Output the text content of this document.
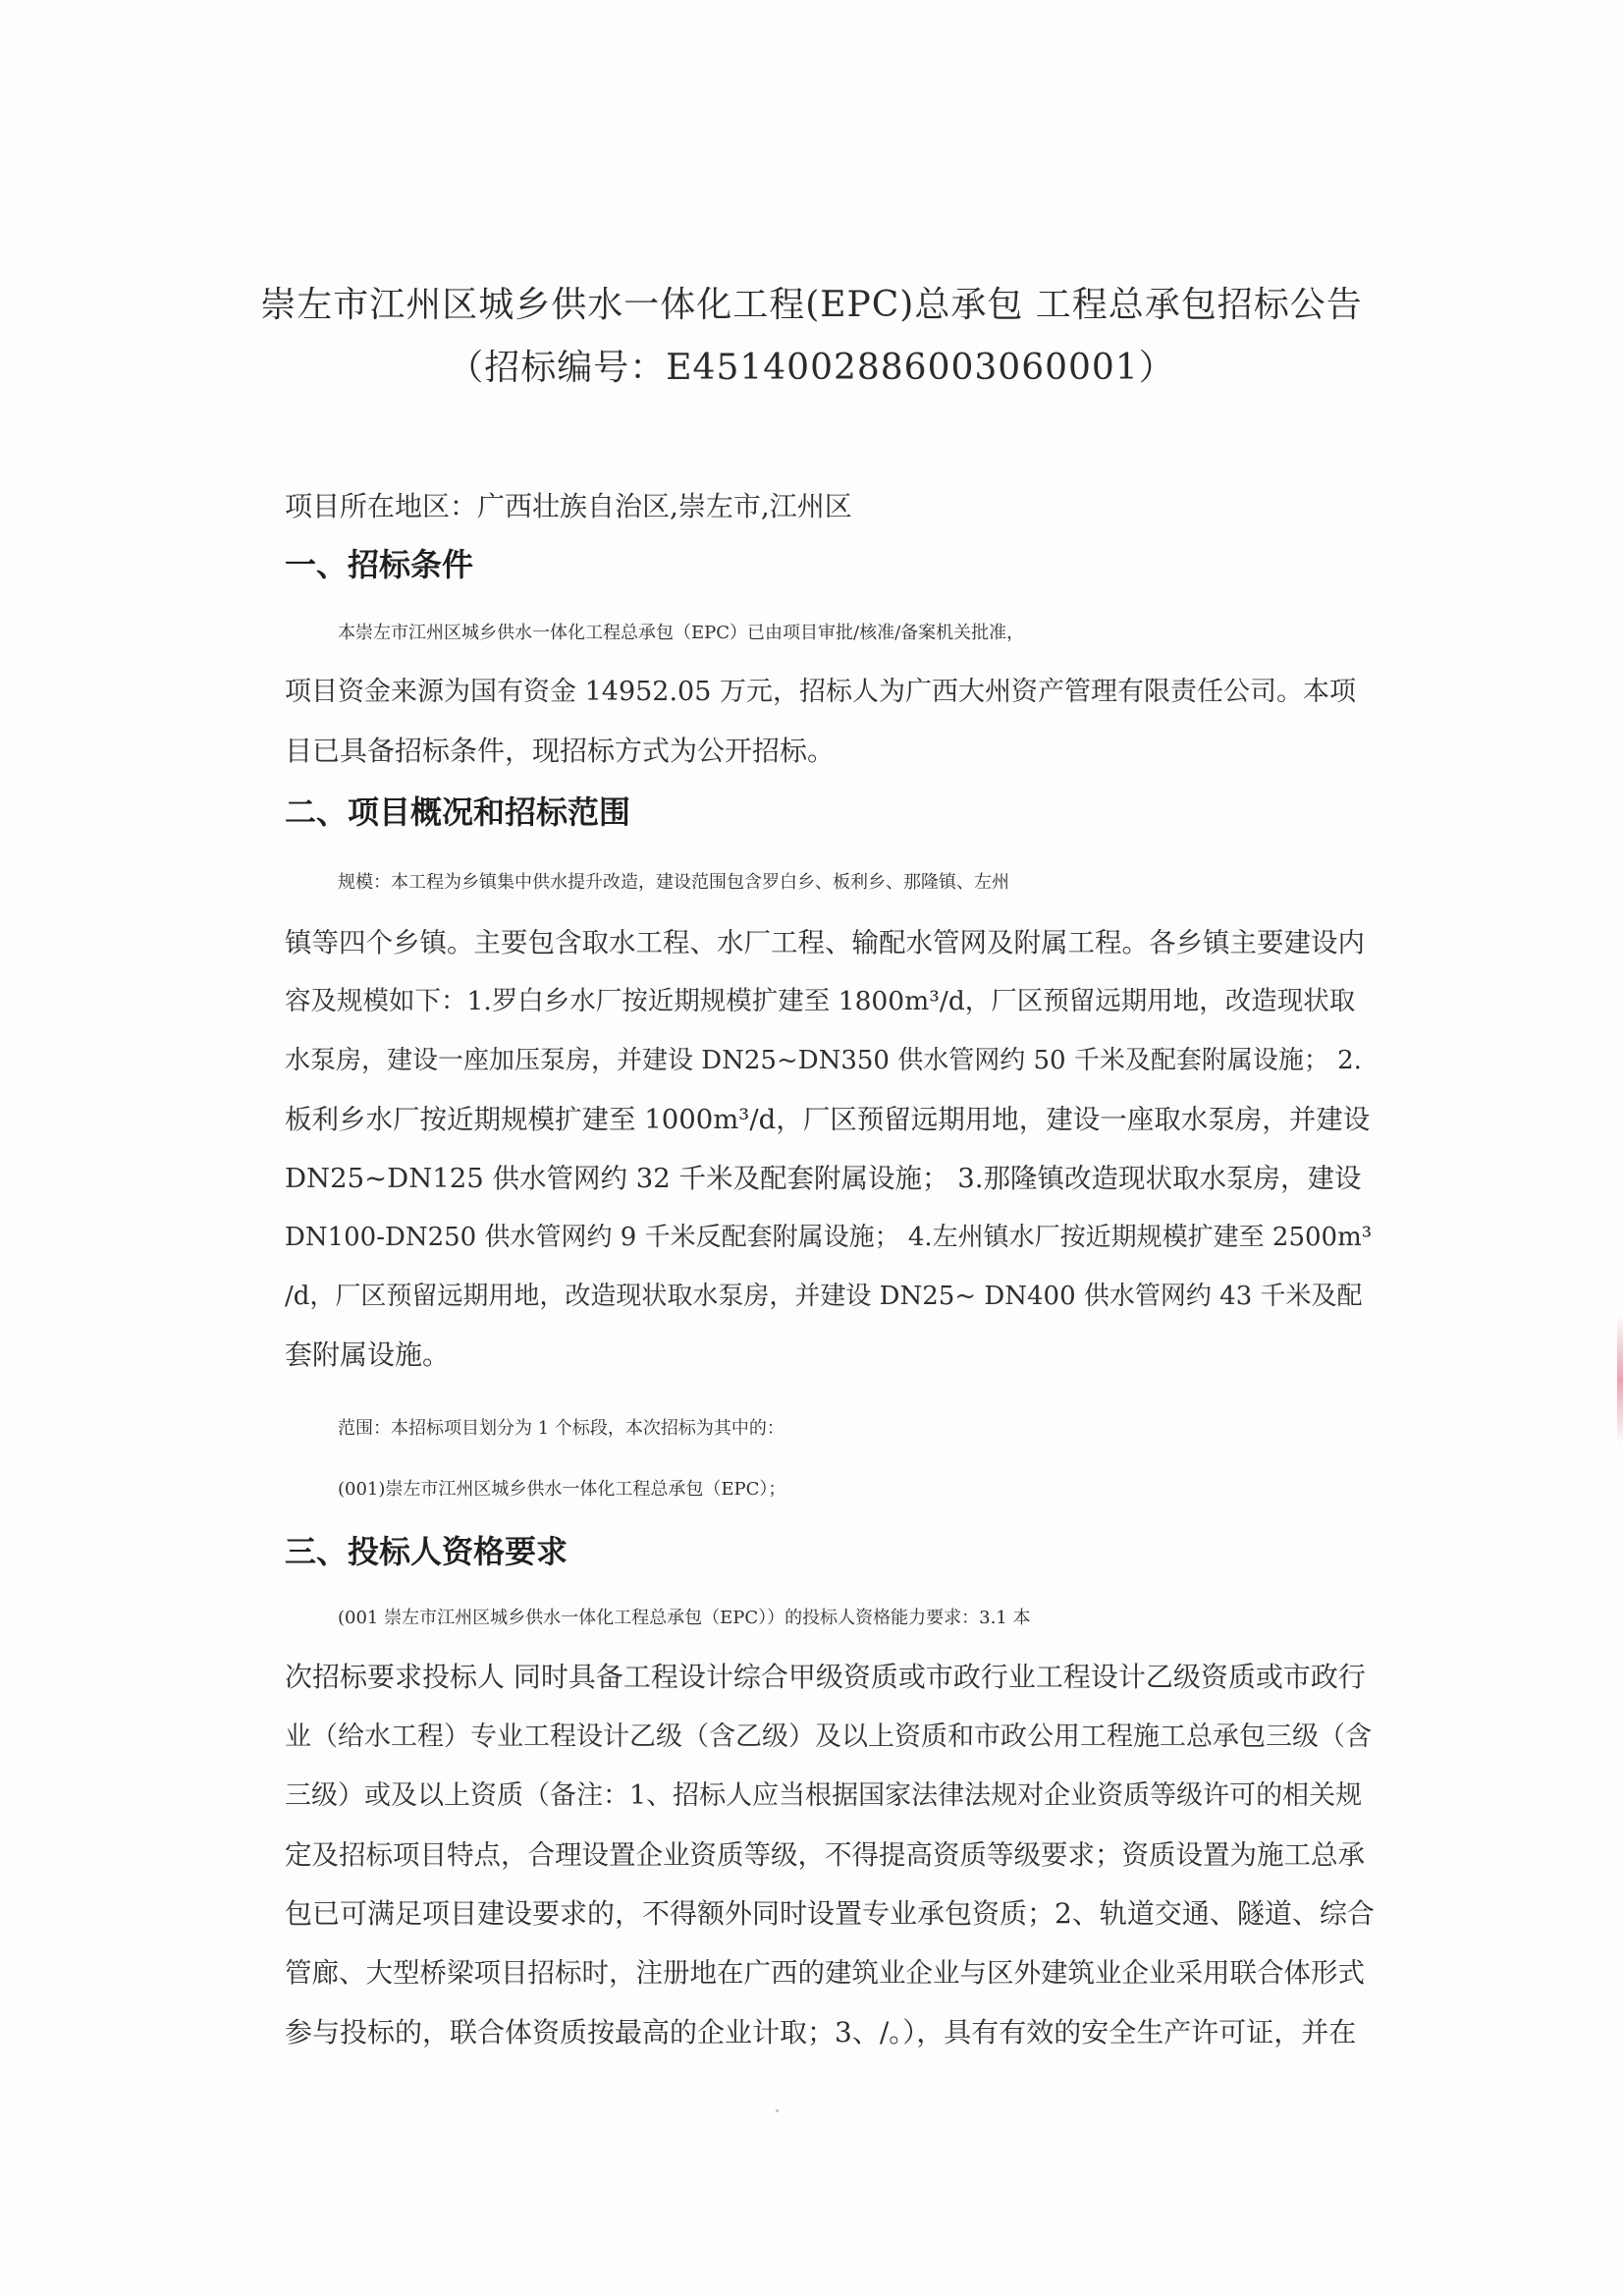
崇左市江州区城乡供水一体化工程(EPC)总承包 工程总承包招标公告
（招标编号：E4514002886003060001）
项目所在地区：广西壮族自治区,崇左市,江州区
一、招标条件
本崇左市江州区城乡供水一体化工程总承包（EPC）已由项目审批/核准/备案机关批准，
项目资金来源为国有资金 14952.05 万元，招标人为广西大州资产管理有限责任公司。本项
目已具备招标条件，现招标方式为公开招标。
二、项目概况和招标范围
规模：本工程为乡镇集中供水提升改造，建设范围包含罗白乡、板利乡、那隆镇、左州
镇等四个乡镇。主要包含取水工程、水厂工程、输配水管网及附属工程。各乡镇主要建设内
容及规模如下：1.罗白乡水厂按近期规模扩建至 1800m³/d，厂区预留远期用地，改造现状取
水泵房，建设一座加压泵房，并建设 DN25~DN350 供水管网约 50 千米及配套附属设施； 2.
板利乡水厂按近期规模扩建至 1000m³/d，厂区预留远期用地，建设一座取水泵房，并建设
DN25~DN125 供水管网约 32 千米及配套附属设施； 3.那隆镇改造现状取水泵房，建设
DN100-DN250 供水管网约 9 千米反配套附属设施； 4.左州镇水厂按近期规模扩建至 2500m³
/d，厂区预留远期用地，改造现状取水泵房，并建设 DN25~ DN400 供水管网约 43 千米及配
套附属设施。
范围：本招标项目划分为 1 个标段，本次招标为其中的：
(001)崇左市江州区城乡供水一体化工程总承包（EPC）；
三、投标人资格要求
(001 崇左市江州区城乡供水一体化工程总承包（EPC））的投标人资格能力要求：3.1 本
次招标要求投标人 同时具备工程设计综合甲级资质或市政行业工程设计乙级资质或市政行
业（给水工程）专业工程设计乙级（含乙级）及以上资质和市政公用工程施工总承包三级（含
三级）或及以上资质（备注：1、招标人应当根据国家法律法规对企业资质等级许可的相关规
定及招标项目特点，合理设置企业资质等级，不得提高资质等级要求；资质设置为施工总承
包已可满足项目建设要求的，不得额外同时设置专业承包资质；2、轨道交通、隧道、综合
管廊、大型桥梁项目招标时，注册地在广西的建筑业企业与区外建筑业企业采用联合体形式
参与投标的，联合体资质按最高的企业计取；3、/。），具有有效的安全生产许可证，并在
